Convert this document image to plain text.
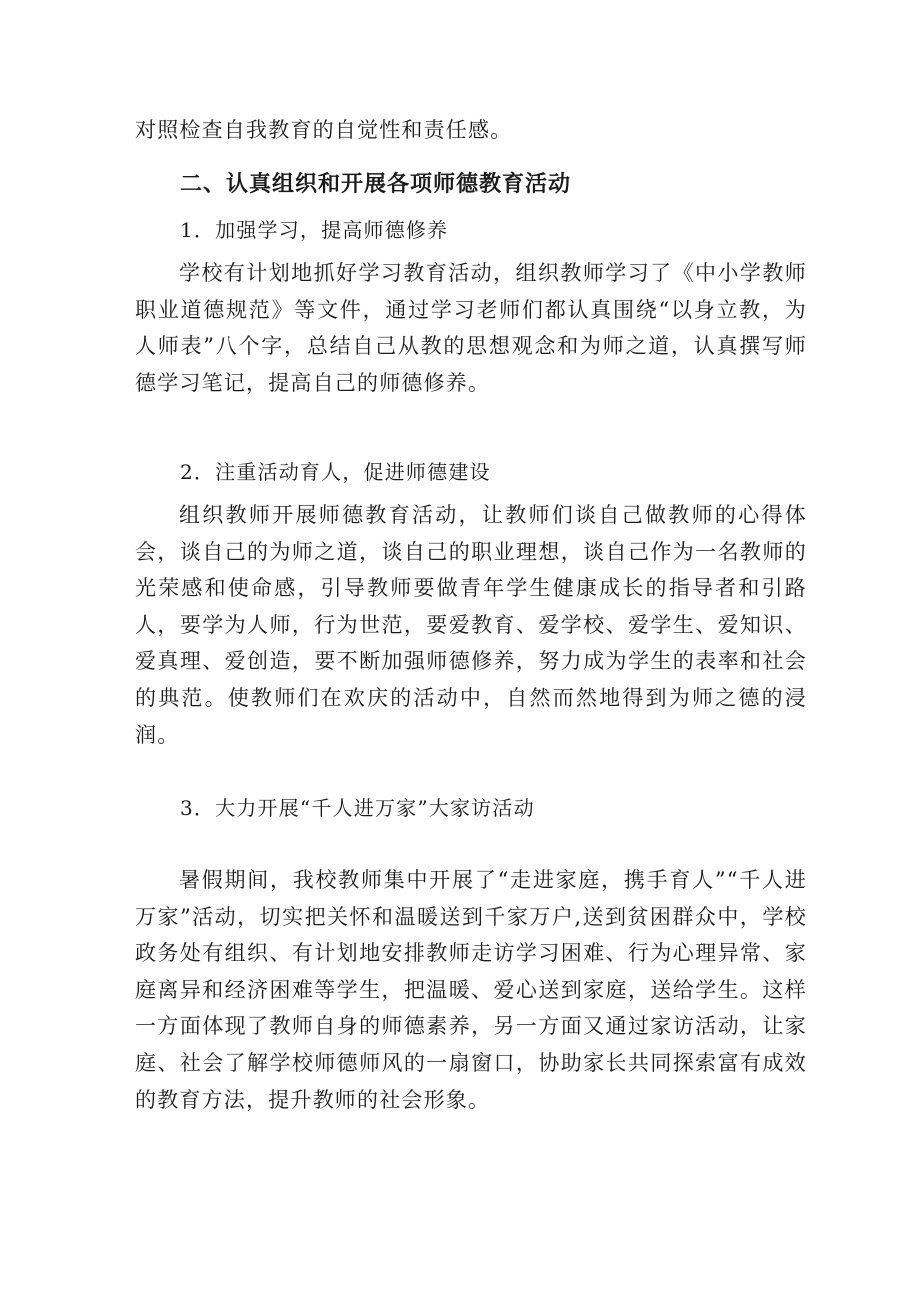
对照检查自我教育的自觉性和责任感。
二、认真组织和开展各项师德教育活动
1．加强学习，提高师德修养
学校有计划地抓好学习教育活动，组织教师学习了《中小学教师职业道德规范》等文件，通过学习老师们都认真围绕“以身立教，为人师表”八个字，总结自己从教的思想观念和为师之道，认真撰写师德学习笔记，提高自己的师德修养。
2．注重活动育人，促进师德建设
组织教师开展师德教育活动，让教师们谈自己做教师的心得体会，谈自己的为师之道，谈自己的职业理想，谈自己作为一名教师的光荣感和使命感，引导教师要做青年学生健康成长的指导者和引路人，要学为人师，行为世范，要爱教育、爱学校、爱学生、爱知识、爱真理、爱创造，要不断加强师德修养，努力成为学生的表率和社会的典范。使教师们在欢庆的活动中，自然而然地得到为师之德的浸润。
3．大力开展“千人进万家”大家访活动
暑假期间，我校教师集中开展了“走进家庭，携手育人”“千人进万家”活动，切实把关怀和温暖送到千家万户,送到贫困群众中，学校政务处有组织、有计划地安排教师走访学习困难、行为心理异常、家庭离异和经济困难等学生，把温暖、爱心送到家庭，送给学生。这样一方面体现了教师自身的师德素养，另一方面又通过家访活动，让家庭、社会了解学校师德师风的一扇窗口，协助家长共同探索富有成效的教育方法，提升教师的社会形象。
